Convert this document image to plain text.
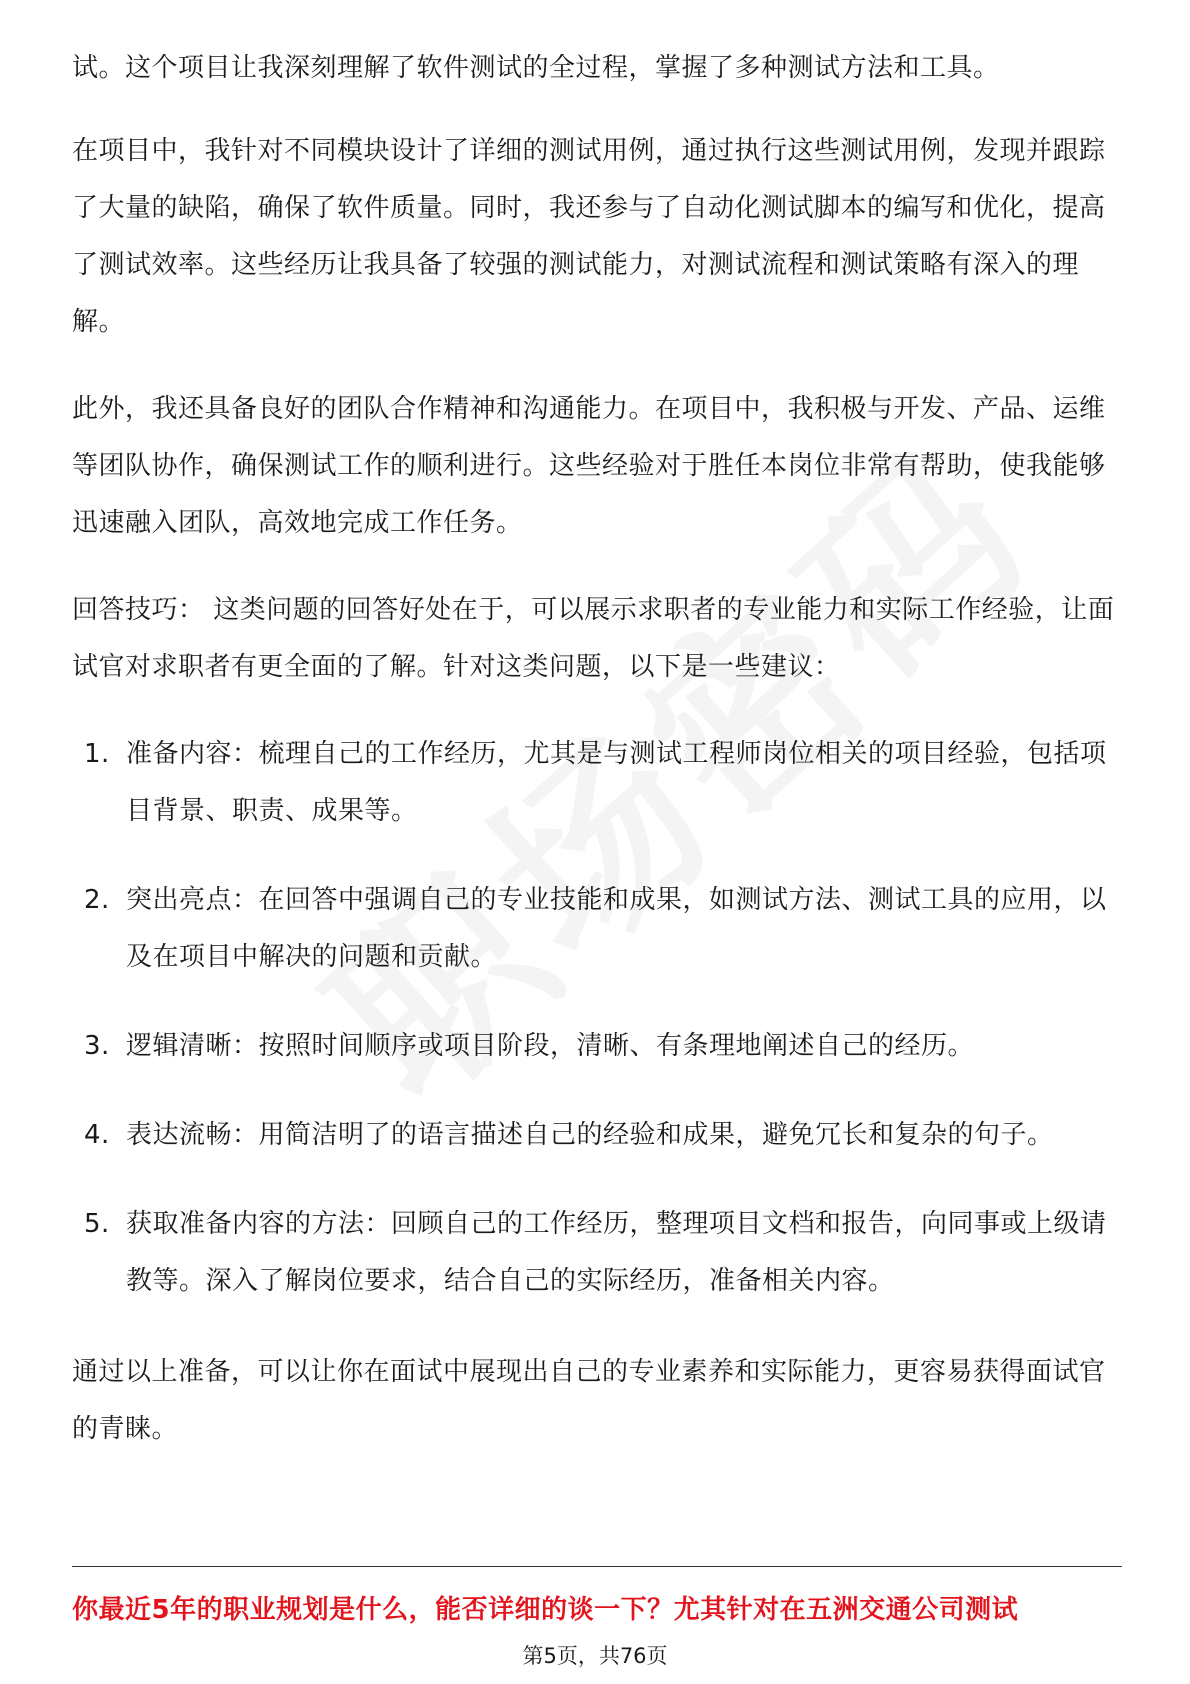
试。这个项目让我深刻理解了软件测试的全过程，掌握了多种测试方法和工具。

在项目中，我针对不同模块设计了详细的测试用例，通过执行这些测试用例，发现并跟踪了大量的缺陷，确保了软件质量。同时，我还参与了自动化测试脚本的编写和优化，提高了测试效率。这些经历让我具备了较强的测试能力，对测试流程和测试策略有深入的理解。

此外，我还具备良好的团队合作精神和沟通能力。在项目中，我积极与开发、产品、运维等团队协作，确保测试工作的顺利进行。这些经验对于胜任本岗位非常有帮助，使我能够迅速融入团队，高效地完成工作任务。

回答技巧： 这类问题的回答好处在于，可以展示求职者的专业能力和实际工作经验，让面试官对求职者有更全面的了解。针对这类问题，以下是一些建议：

1. 准备内容：梳理自己的工作经历，尤其是与测试工程师岗位相关的项目经验，包括项目背景、职责、成果等。
2. 突出亮点：在回答中强调自己的专业技能和成果，如测试方法、测试工具的应用，以及在项目中解决的问题和贡献。
3. 逻辑清晰：按照时间顺序或项目阶段，清晰、有条理地阐述自己的经历。
4. 表达流畅：用简洁明了的语言描述自己的经验和成果，避免冗长和复杂的句子。
5. 获取准备内容的方法：回顾自己的工作经历，整理项目文档和报告，向同事或上级请教等。深入了解岗位要求，结合自己的实际经历，准备相关内容。

通过以上准备，可以让你在面试中展现出自己的专业素养和实际能力，更容易获得面试官的青睐。

你最近5年的职业规划是什么，能否详细的谈一下？尤其针对在五洲交通公司测试
第5页，共76页
